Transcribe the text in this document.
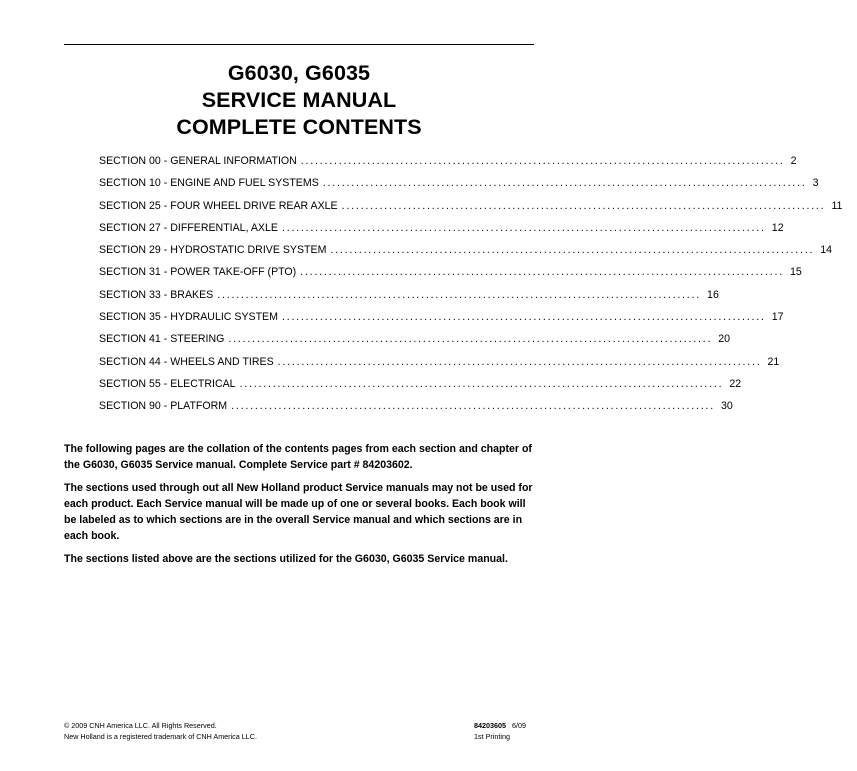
G6030, G6035
SERVICE MANUAL
COMPLETE CONTENTS
SECTION 00 - GENERAL INFORMATION ...................................................................................................... 2
SECTION 10 - ENGINE AND FUEL SYSTEMS ...................................................................................................... 3
SECTION 25 - FOUR WHEEL DRIVE REAR AXLE ...................................................................................................... 11
SECTION 27 - DIFFERENTIAL, AXLE ...................................................................................................... 12
SECTION 29 - HYDROSTATIC DRIVE SYSTEM ...................................................................................................... 14
SECTION 31 - POWER TAKE-OFF (PTO) ...................................................................................................... 15
SECTION 33 - BRAKES ...................................................................................................... 16
SECTION 35 - HYDRAULIC SYSTEM ...................................................................................................... 17
SECTION 41 - STEERING ...................................................................................................... 20
SECTION 44 - WHEELS AND TIRES ...................................................................................................... 21
SECTION 55 - ELECTRICAL ...................................................................................................... 22
SECTION 90 - PLATFORM ...................................................................................................... 30

The following pages are the collation of the contents pages from each section and chapter of the G6030, G6035 Service manual. Complete Service part # 84203602.

The sections used through out all New Holland product Service manuals may not be used for each product. Each Service manual will be made up of one or several books. Each book will be labeled as to which sections are in the overall Service manual and which sections are in each book.

The sections listed above are the sections utilized for the G6030, G6035 Service manual.

© 2009 CNH America LLC. All Rights Reserved.
New Holland is a registered trademark of CNH America LLC.
84203605 6/09
1st Printing
